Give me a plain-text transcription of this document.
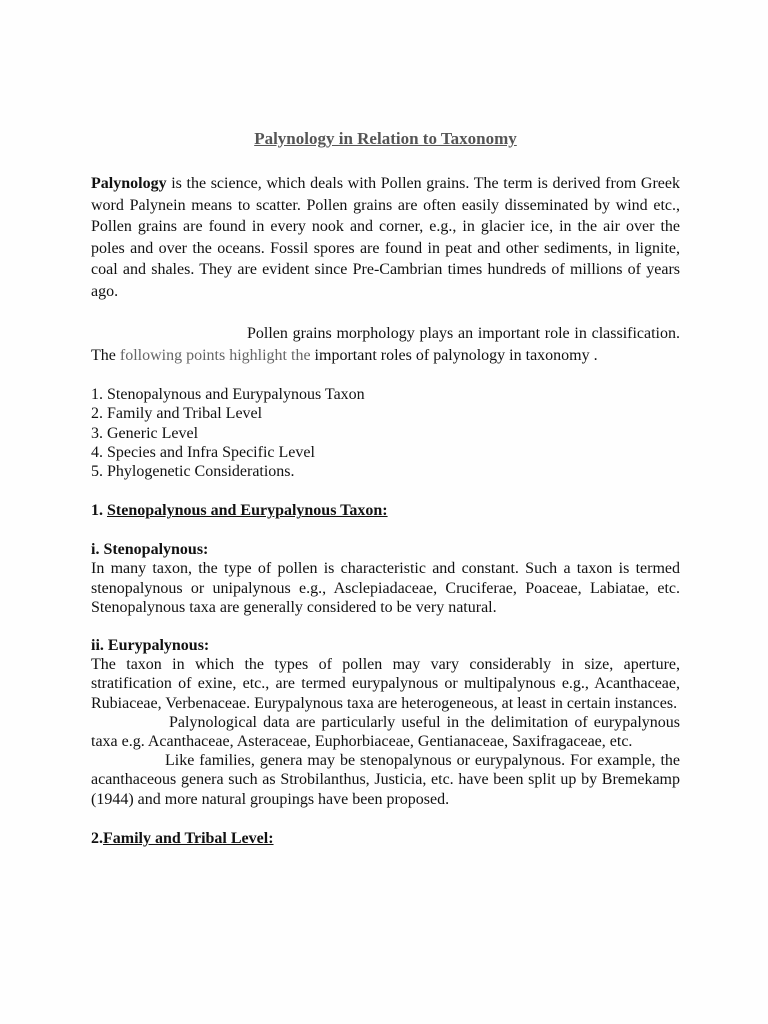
Palynology in Relation to Taxonomy

Palynology is the science, which deals with Pollen grains. The term is derived from Greek word Palynein means to scatter. Pollen grains are often easily disseminated by wind etc., Pollen grains are found in every nook and corner, e.g., in glacier ice, in the air over the poles and over the oceans. Fossil spores are found in peat and other sediments, in lignite, coal and shales. They are evident since Pre-Cambrian times hundreds of millions of years ago.

Pollen grains morphology plays an important role in classification. The following points highlight the important roles of palynology in taxonomy .

1. Stenopalynous and Eurypalynous Taxon
2. Family and Tribal Level
3. Generic Level
4. Species and Infra Specific Level
5. Phylogenetic Considerations.
1. Stenopalynous and Eurypalynous Taxon:
i. Stenopalynous:

In many taxon, the type of pollen is characteristic and constant. Such a taxon is termed stenopalynous or unipalynous e.g., Asclepiadaceae, Cruciferae, Poaceae, Labiatae, etc. Stenopalynous taxa are generally considered to be very natural.

ii. Eurypalynous:

The taxon in which the types of pollen may vary considerably in size, aperture, stratification of exine, etc., are termed eurypalynous or multipalynous e.g., Acanthaceae, Rubiaceae, Verbenaceae. Eurypalynous taxa are heterogeneous, at least in certain instances.

Palynological data are particularly useful in the delimitation of eurypalynous taxa e.g. Acanthaceae, Asteraceae, Euphorbiaceae, Gentianaceae, Saxifragaceae, etc.

Like families, genera may be stenopalynous or eurypalynous. For example, the acanthaceous genera such as Strobilanthus, Justicia, etc. have been split up by Bremekamp (1944) and more natural groupings have been proposed.

2.Family and Tribal Level:
